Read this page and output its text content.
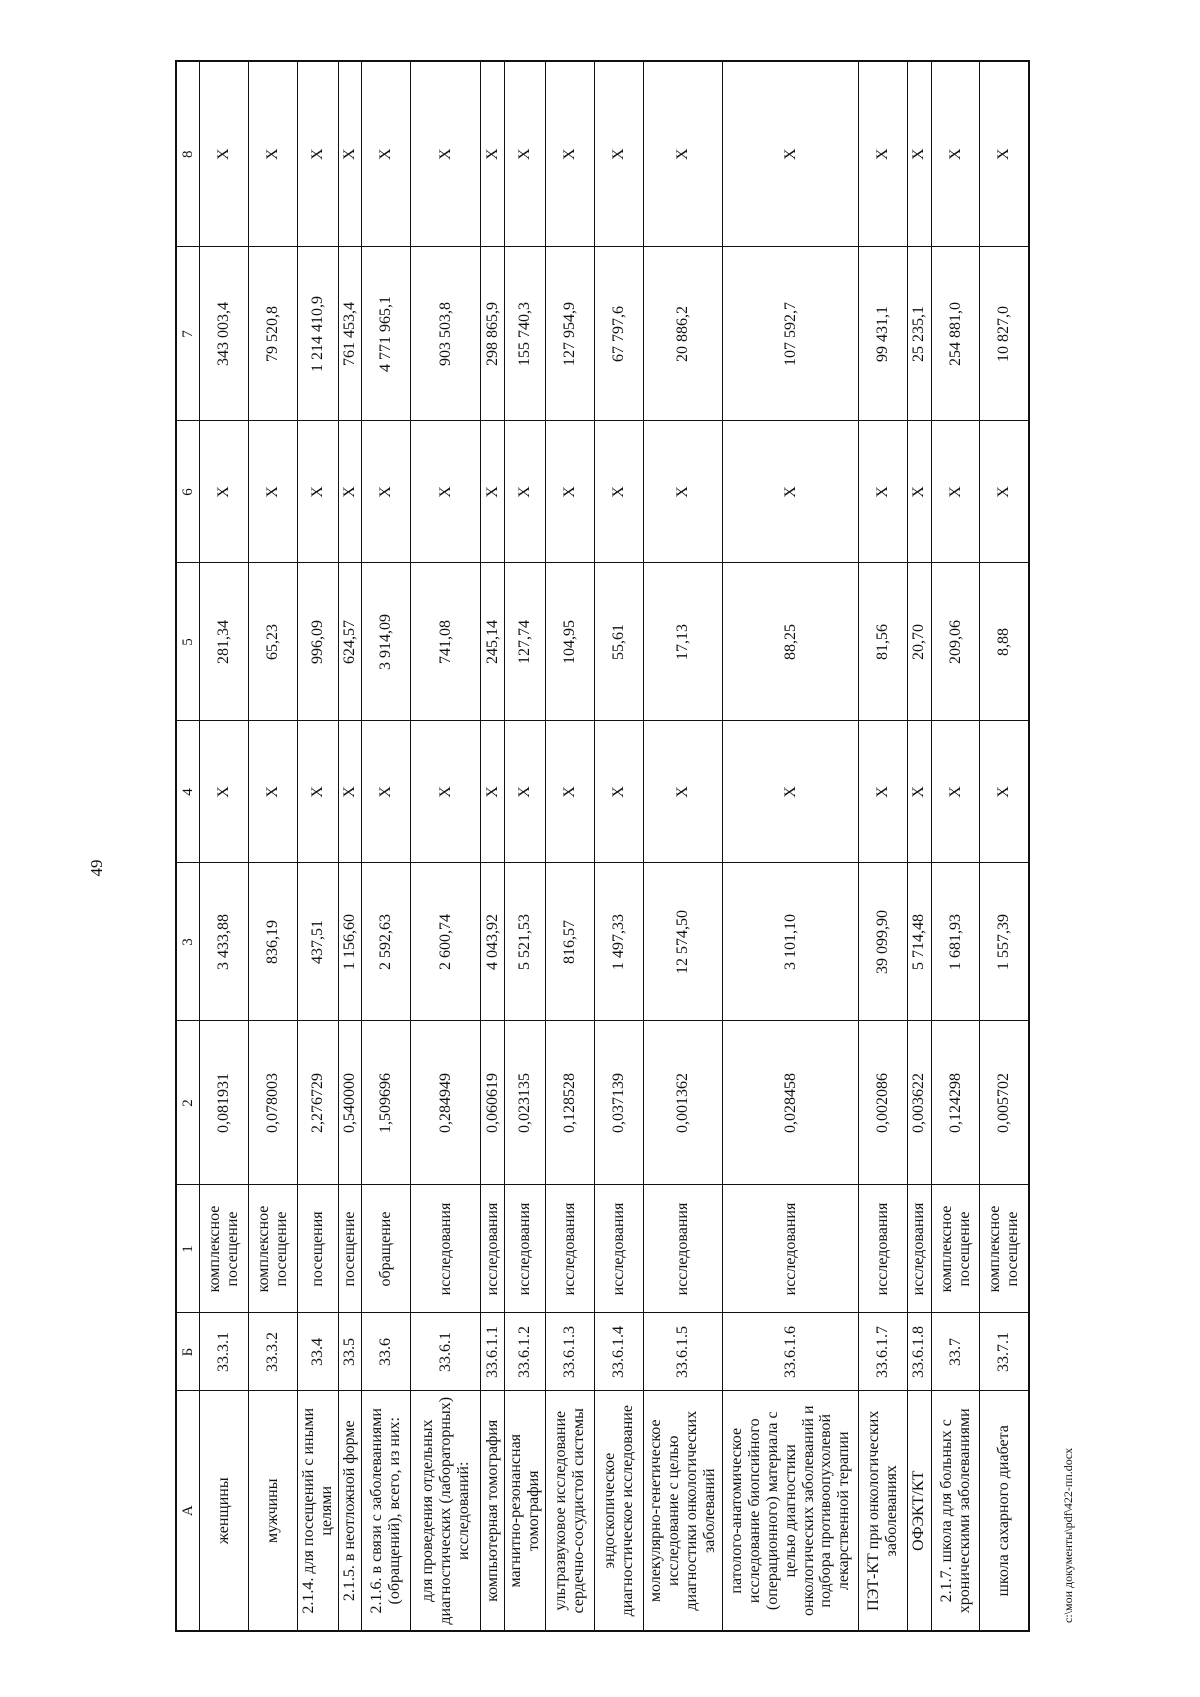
49
А	Б	1	2	3	4	5	6	7	8
женщины	33.3.1	комплексное посещение	0,081931	3 433,88	Х	281,34	Х	343 003,4	Х
мужчины	33.3.2	комплексное посещение	0,078003	836,19	Х	65,23	Х	79 520,8	Х
2.1.4. для посещений с иными целями	33.4	посещения	2,276729	437,51	Х	996,09	Х	1 214 410,9	Х
2.1.5. в неотложной форме	33.5	посещение	0,540000	1 156,60	Х	624,57	Х	761 453,4	Х
2.1.6. в связи с заболеваниями (обращений), всего, из них:	33.6	обращение	1,509696	2 592,63	Х	3 914,09	Х	4 771 965,1	Х
для проведения отдельных диагностических (лабораторных) исследований:	33.6.1	исследования	0,284949	2 600,74	Х	741,08	Х	903 503,8	Х
компьютерная томография	33.6.1.1	исследования	0,060619	4 043,92	Х	245,14	Х	298 865,9	Х
магнитно-резонансная томография	33.6.1.2	исследования	0,023135	5 521,53	Х	127,74	Х	155 740,3	Х
ультразвуковое исследование сердечно-сосудистой системы	33.6.1.3	исследования	0,128528	816,57	Х	104,95	Х	127 954,9	Х
эндоскопическое диагностическое исследование	33.6.1.4	исследования	0,037139	1 497,33	Х	55,61	Х	67 797,6	Х
молекулярно-генетическое исследование с целью диагностики онкологических заболеваний	33.6.1.5	исследования	0,001362	12 574,50	Х	17,13	Х	20 886,2	Х
патолого-анатомическое исследование биопсийного (операционного) материала с целью диагностики онкологических заболеваний и подбора противоопухолевой лекарственной терапии	33.6.1.6	исследования	0,028458	3 101,10	Х	88,25	Х	107 592,7	Х
ПЭТ-КТ при онкологических заболеваниях	33.6.1.7	исследования	0,002086	39 099,90	Х	81,56	Х	99 431,1	Х
ОФЭКТ/КТ	33.6.1.8	исследования	0,003622	5 714,48	Х	20,70	Х	25 235,1	Х
2.1.7. школа для больных с хроническими заболеваниями	33.7	комплексное посещение	0,124298	1 681,93	Х	209,06	Х	254 881,0	Х
школа сахарного диабета	33.7.1	комплексное посещение	0,005702	1 557,39	Х	8,88	Х	10 827,0	Х
c:\мои документы\pdf\422-пп.docx
